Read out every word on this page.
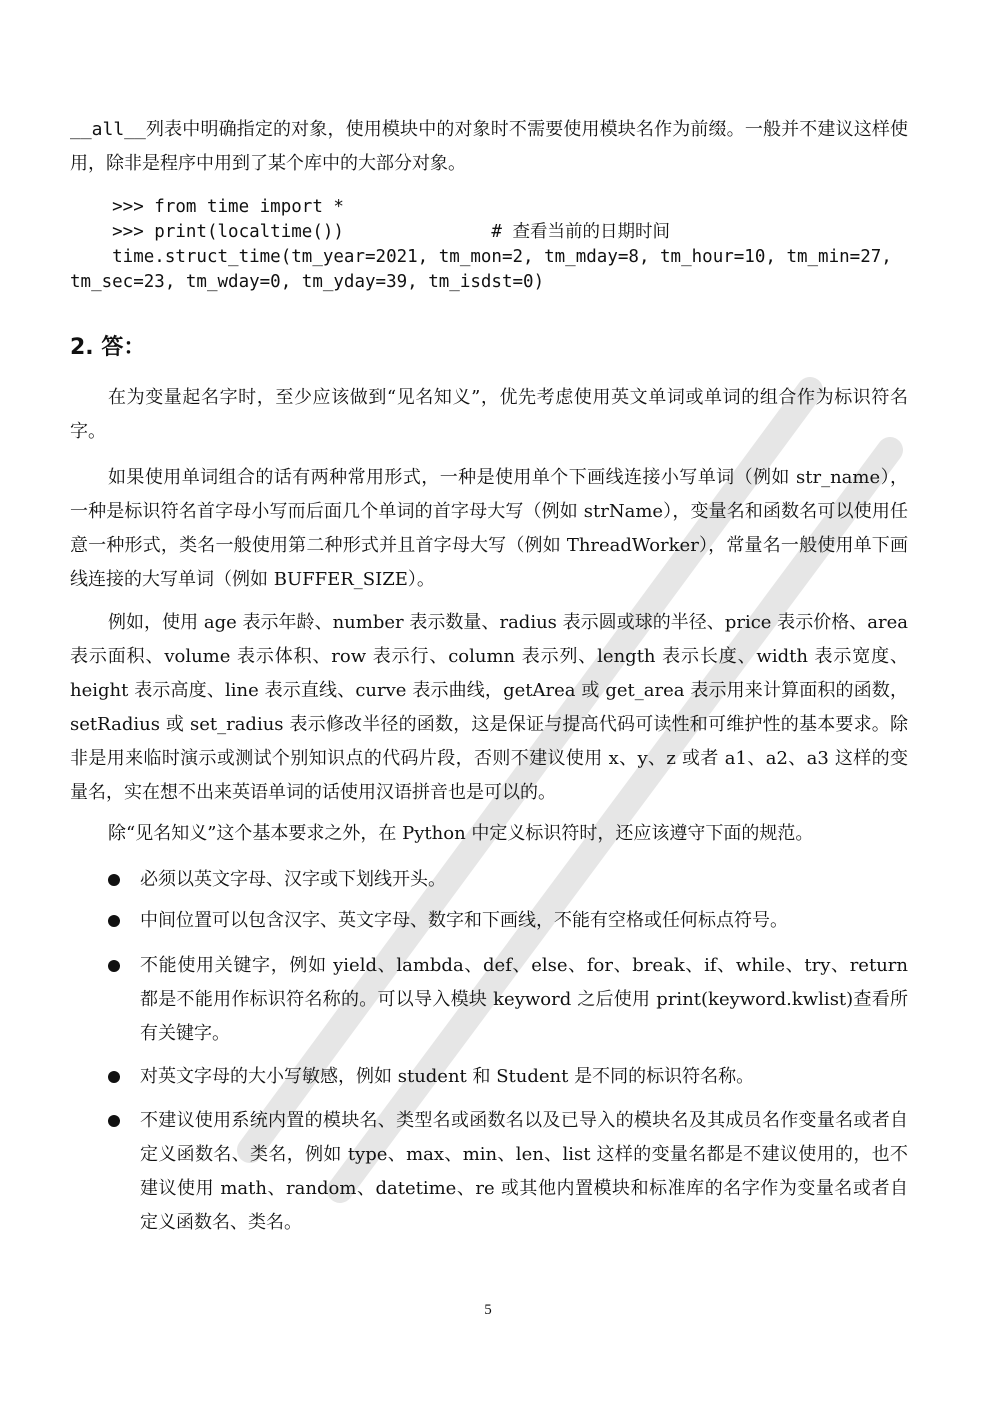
__all__列表中明确指定的对象，使用模块中的对象时不需要使用模块名作为前缀。一般并不建议这样使用，除非是程序中用到了某个库中的大部分对象。

>>> from time import *
>>> print(localtime())              # 查看当前的日期时间
time.struct_time(tm_year=2021, tm_mon=2, tm_mday=8, tm_hour=10, tm_min=27,
tm_sec=23, tm_wday=0, tm_yday=39, tm_isdst=0)
2. 答：

在为变量起名字时，至少应该做到“见名知义”，优先考虑使用英文单词或单词的组合作为标识符名字。

如果使用单词组合的话有两种常用形式，一种是使用单个下画线连接小写单词（例如 str_name），一种是标识符名首字母小写而后面几个单词的首字母大写（例如 strName），变量名和函数名可以使用任意一种形式，类名一般使用第二种形式并且首字母大写（例如 ThreadWorker），常量名一般使用单下画线连接的大写单词（例如 BUFFER_SIZE）。

例如，使用 age 表示年龄、number 表示数量、radius 表示圆或球的半径、price 表示价格、area 表示面积、volume 表示体积、row 表示行、column 表示列、length 表示长度、width 表示宽度、height 表示高度、line 表示直线、curve 表示曲线，getArea 或 get_area 表示用来计算面积的函数，setRadius 或 set_radius 表示修改半径的函数，这是保证与提高代码可读性和可维护性的基本要求。除非是用来临时演示或测试个别知识点的代码片段，否则不建议使用 x、y、z 或者 a1、a2、a3 这样的变量名，实在想不出来英语单词的话使用汉语拼音也是可以的。

除“见名知义”这个基本要求之外，在 Python 中定义标识符时，还应该遵守下面的规范。

必须以英文字母、汉字或下划线开头。

中间位置可以包含汉字、英文字母、数字和下画线，不能有空格或任何标点符号。

不能使用关键字，例如 yield、lambda、def、else、for、break、if、while、try、return 都是不能用作标识符名称的。可以导入模块 keyword 之后使用 print(keyword.kwlist)查看所有关键字。

对英文字母的大小写敏感，例如 student 和 Student 是不同的标识符名称。

不建议使用系统内置的模块名、类型名或函数名以及已导入的模块名及其成员名作变量名或者自定义函数名、类名，例如 type、max、min、len、list 这样的变量名都是不建议使用的，也不建议使用 math、random、datetime、re 或其他内置模块和标准库的名字作为变量名或者自定义函数名、类名。

5
